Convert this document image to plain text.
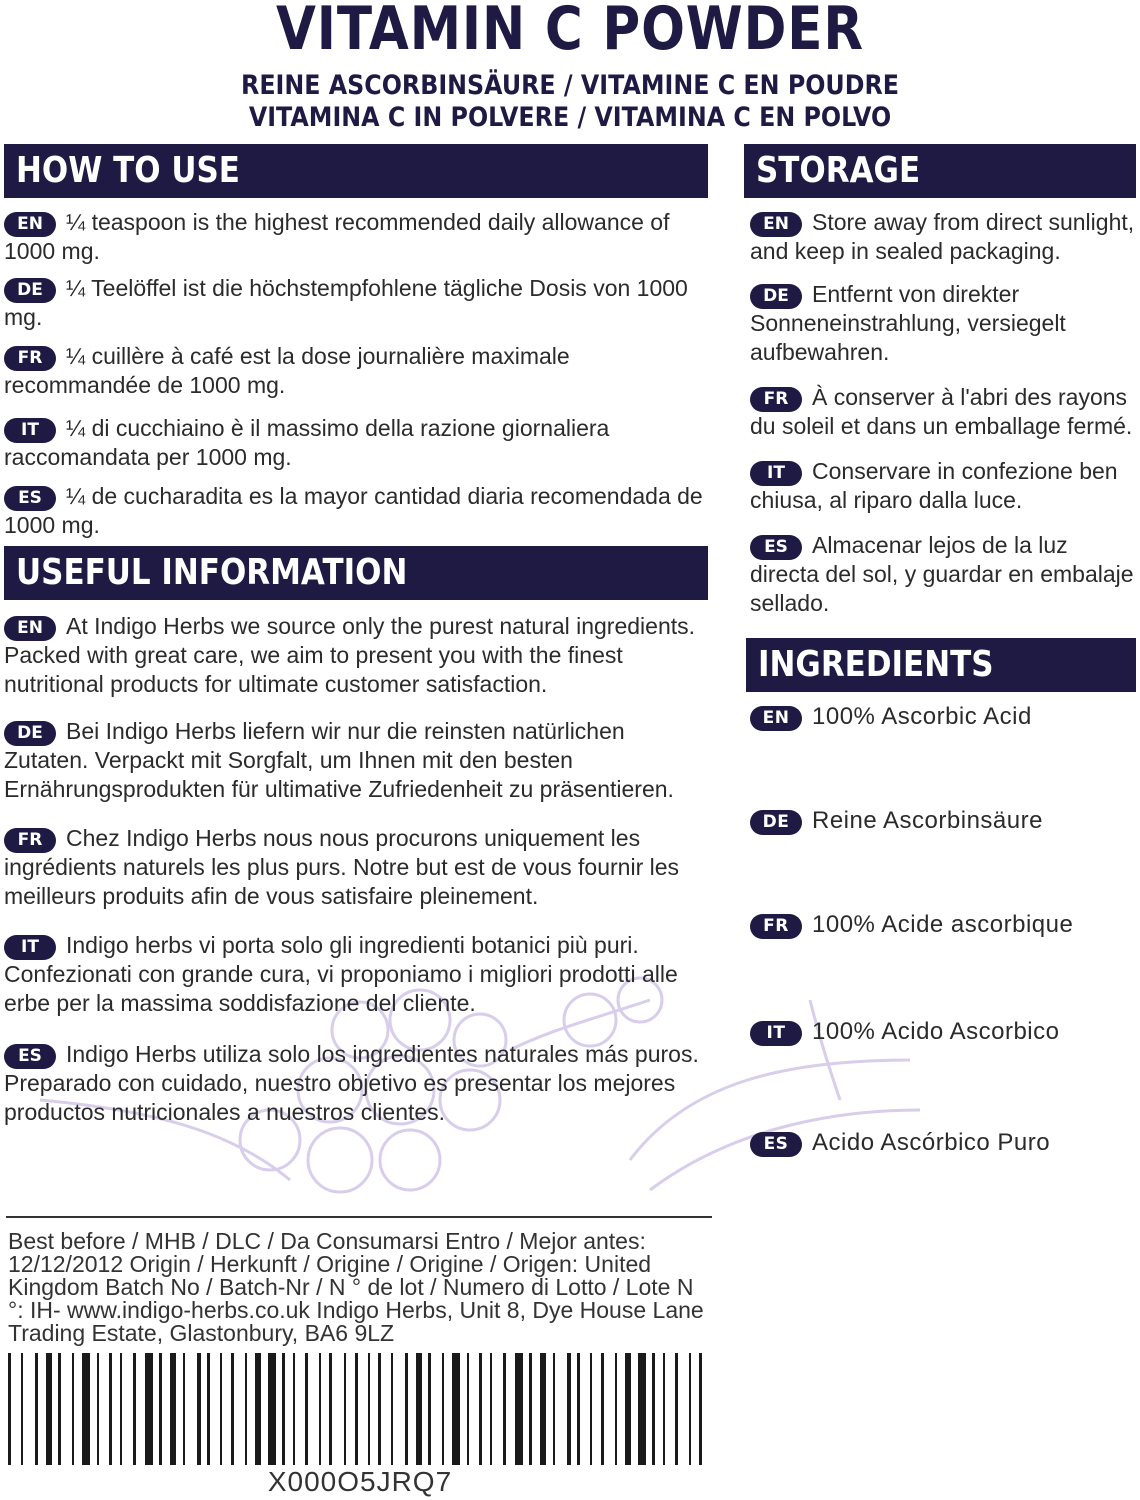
VITAMIN C POWDER
REINE ASCORBINSÄURE / VITAMINE C EN POUDRE
VITAMINA C IN POLVERE / VITAMINA C EN POLVO
HOW TO USE
EN ¼ teaspoon is the highest recommended daily allowance of 1000 mg.
DE ¼ Teelöffel ist die höchstempfohlene tägliche Dosis von 1000 mg.
FR ¼ cuillère à café est la dose journalière maximale recommandée de 1000 mg.
IT ¼ di cucchiaino è il massimo della razione giornaliera raccomandata per 1000 mg.
ES ¼ de cucharadita es la mayor cantidad diaria recomendada de 1000 mg.
USEFUL INFORMATION
EN At Indigo Herbs we source only the purest natural ingredients. Packed with great care, we aim to present you with the finest nutritional products for ultimate customer satisfaction.
DE Bei Indigo Herbs liefern wir nur die reinsten natürlichen Zutaten. Verpackt mit Sorgfalt, um Ihnen mit den besten Ernährungsprodukten für ultimative Zufriedenheit zu präsentieren.
FR Chez Indigo Herbs nous nous procurons uniquement les ingrédients naturels les plus purs. Notre but est de vous fournir les meilleurs produits afin de vous satisfaire pleinement.
IT Indigo herbs vi porta solo gli ingredienti botanici più puri. Confezionati con grande cura, vi proponiamo i migliori prodotti alle erbe per la massima soddisfazione del cliente.
ES Indigo Herbs utiliza solo los ingredientes naturales más puros. Preparado con cuidado, nuestro objetivo es presentar los mejores productos nutricionales a nuestros clientes.
STORAGE
EN Store away from direct sunlight, and keep in sealed packaging.
DE Entfernt von direkter Sonneneinstrahlung, versiegelt aufbewahren.
FR À conserver à l'abri des rayons du soleil et dans un emballage fermé.
IT Conservare in confezione ben chiusa, al riparo dalla luce.
ES Almacenar lejos de la luz directa del sol, y guardar en embalaje sellado.
INGREDIENTS
EN 100% Ascorbic Acid
DE Reine Ascorbinsäure
FR 100% Acide ascorbique
IT 100% Acido Ascorbico
ES Acido Ascórbico Puro
Best before / MHB / DLC / Da Consumarsi Entro / Mejor antes: 12/12/2012 Origin / Herkunft / Origine / Origine / Origen: United Kingdom Batch No / Batch-Nr / N ° de lot / Numero di Lotto / Lote N °: IH- www.indigo-herbs.co.uk Indigo Herbs, Unit 8, Dye House Lane Trading Estate, Glastonbury, BA6 9LZ
X000O5JRQ7
